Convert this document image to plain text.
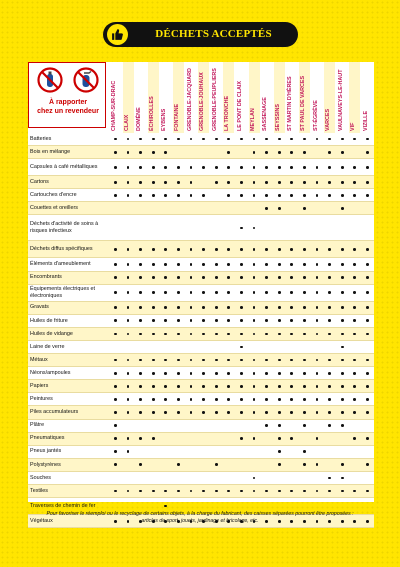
DÉCHETS ACCEPTÉS
À rapporter
chez un revendeur	CHAMP-SUR-DRAC CLAIX DOMÈNE ÉCHIROLLES EYBENS FONTAINE GRENOBLE-JACQUARD GRENOBLE-JOUHAUX GRENOBLE-PEUPLIERS LA TRONCHE LE PONT DE CLAIX MEYLAN SASSENAGE SEYSSINS ST MARTIN D'HÈRES ST PAUL DE VARCES ST-ÉGRÈVE VARCES VAULNAVEYS-LE-HAUT VIF VIZILLE
Batteries
Bois en mélange
Capsules à café métalliques
Cartons
Cartouches d'encre
Couettes et oreillers
Déchets d'activité de soins à risques infectieux
Déchets diffus spécifiques
Éléments d'ameublement
Encombrants
Équipements électriques et électroniques
Gravats
Huiles de friture
Huiles de vidange
Laine de verre
Métaux
Néons/ampoules
Papiers
Peintures
Piles accumulateurs
Plâtre
Pneumatiques
Pneus jantés
Polystyrènes
Souches
Textiles
Traverses de chemin de fer
Végétaux
Pour favoriser le réemploi ou le recyclage de certains objets, à la charge du fabricant, des caisses séparées pourront être proposées :
articles de sport, jouets, jardinage et bricolage, etc.
